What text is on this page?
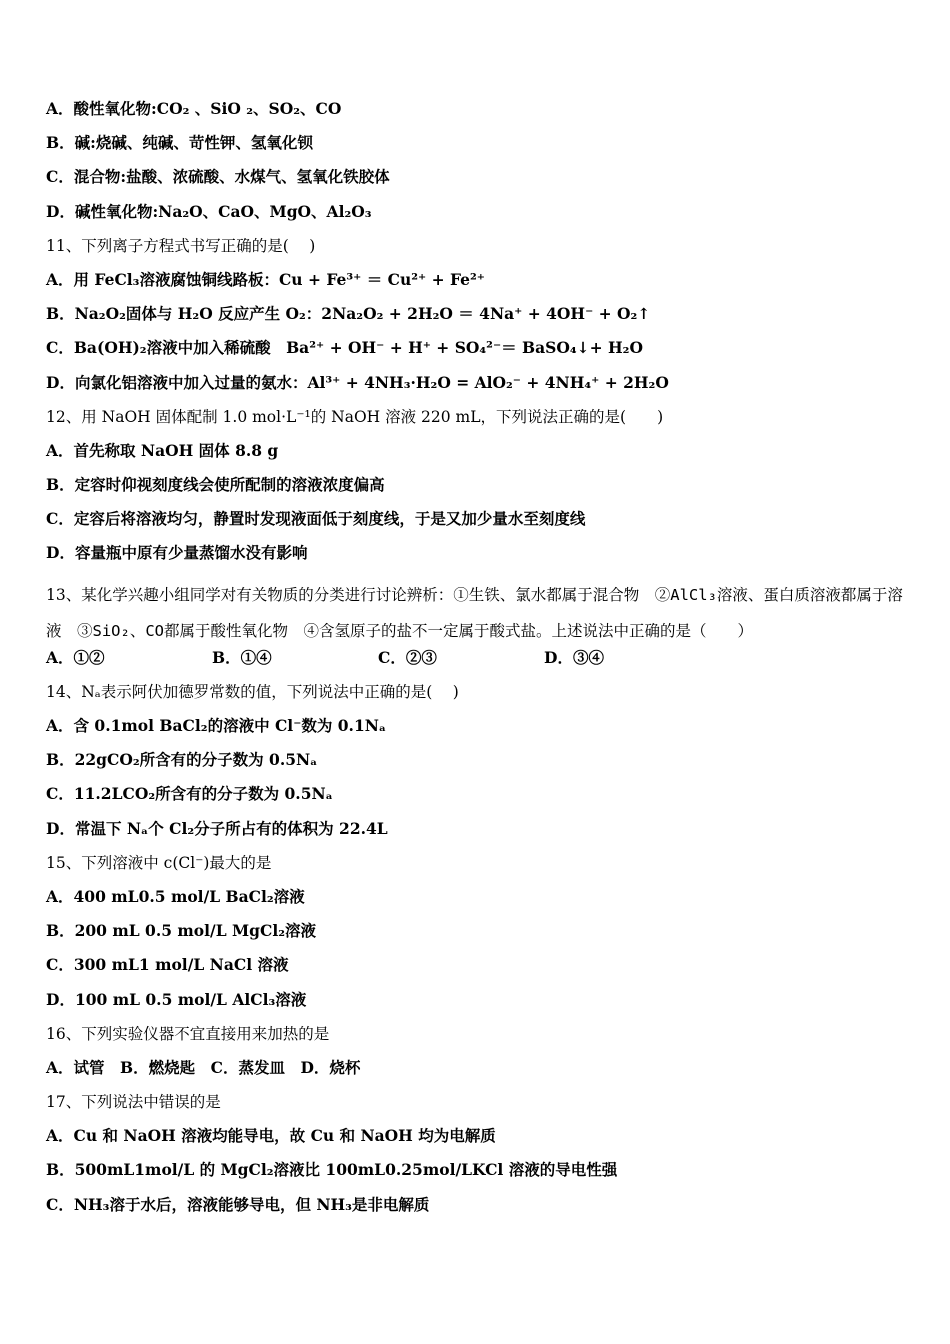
A．酸性氧化物:CO₂ 、SiO ₂、SO₂、CO
B．碱:烧碱、纯碱、苛性钾、氢氧化钡
C．混合物:盐酸、浓硫酸、水煤气、氢氧化铁胶体
D．碱性氧化物:Na₂O、CaO、MgO、Al₂O₃
11、下列离子方程式书写正确的是(　 )
A．用 FeCl₃溶液腐蚀铜线路板：Cu + Fe³⁺ ＝ Cu²⁺ + Fe²⁺
B．Na₂O₂固体与 H₂O 反应产生 O₂：2Na₂O₂ + 2H₂O ＝ 4Na⁺ + 4OH⁻ + O₂↑
C．Ba(OH)₂溶液中加入稀硫酸　Ba²⁺ + OH⁻ + H⁺ + SO₄²⁻＝ BaSO₄↓+ H₂O
D．向氯化铝溶液中加入过量的氨水：Al³⁺ + 4NH₃·H₂O = AlO₂⁻ + 4NH₄⁺ + 2H₂O
12、用 NaOH 固体配制 1.0 mol·L⁻¹的 NaOH 溶液 220 mL，下列说法正确的是(　　)
A．首先称取 NaOH 固体 8.8 g
B．定容时仰视刻度线会使所配制的溶液浓度偏高
C．定容后将溶液均匀，静置时发现液面低于刻度线，于是又加少量水至刻度线
D．容量瓶中原有少量蒸馏水没有影响
13、某化学兴趣小组同学对有关物质的分类进行讨论辨析：①生铁、氯水都属于混合物　②AlCl₃溶液、蛋白质溶液都属于溶液　③SiO₂、CO都属于酸性氧化物　④含氢原子的盐不一定属于酸式盐。上述说法中正确的是（　　）
A．①②	B．①④	C．②③	D．③④
14、Nₐ表示阿伏加德罗常数的值，下列说法中正确的是(　 )
A．含 0.1mol BaCl₂的溶液中 Cl⁻数为 0.1Nₐ
B．22gCO₂所含有的分子数为 0.5Nₐ
C．11.2LCO₂所含有的分子数为 0.5Nₐ
D．常温下 Nₐ个 Cl₂分子所占有的体积为 22.4L
15、下列溶液中 c(Cl⁻)最大的是
A．400 mL0.5 mol/L BaCl₂溶液
B．200 mL 0.5 mol/L MgCl₂溶液
C．300 mL1 mol/L NaCl 溶液
D．100 mL 0.5 mol/L AlCl₃溶液
16、下列实验仪器不宜直接用来加热的是
A．试管　B．燃烧匙　C．蒸发皿　D．烧杯
17、下列说法中错误的是
A．Cu 和 NaOH 溶液均能导电，故 Cu 和 NaOH 均为电解质
B．500mL1mol/L 的 MgCl₂溶液比 100mL0.25mol/LKCl 溶液的导电性强
C．NH₃溶于水后，溶液能够导电，但 NH₃是非电解质
